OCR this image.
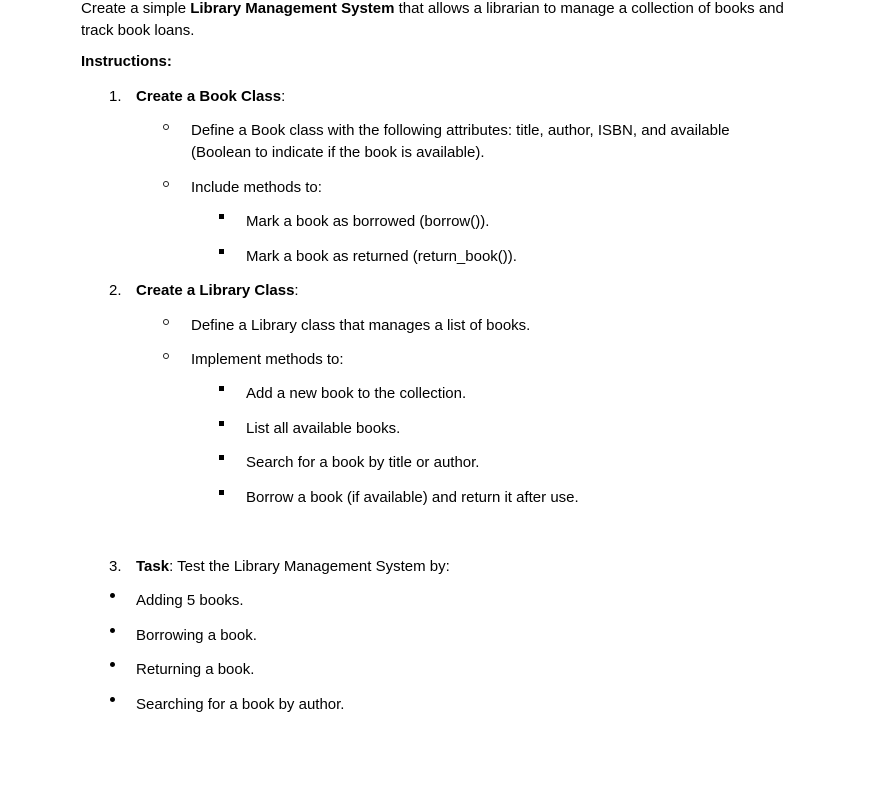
Create a simple Library Management System that allows a librarian to manage a collection of books and track book loans.
Instructions:
1. Create a Book Class:
Define a Book class with the following attributes: title, author, ISBN, and available
(Boolean to indicate if the book is available).
Include methods to:
Mark a book as borrowed (borrow()).
Mark a book as returned (return_book()).
2. Create a Library Class:
Define a Library class that manages a list of books.
Implement methods to:
Add a new book to the collection.
List all available books.
Search for a book by title or author.
Borrow a book (if available) and return it after use.
3. Task: Test the Library Management System by:
Adding 5 books.
Borrowing a book.
Returning a book.
Searching for a book by author.
